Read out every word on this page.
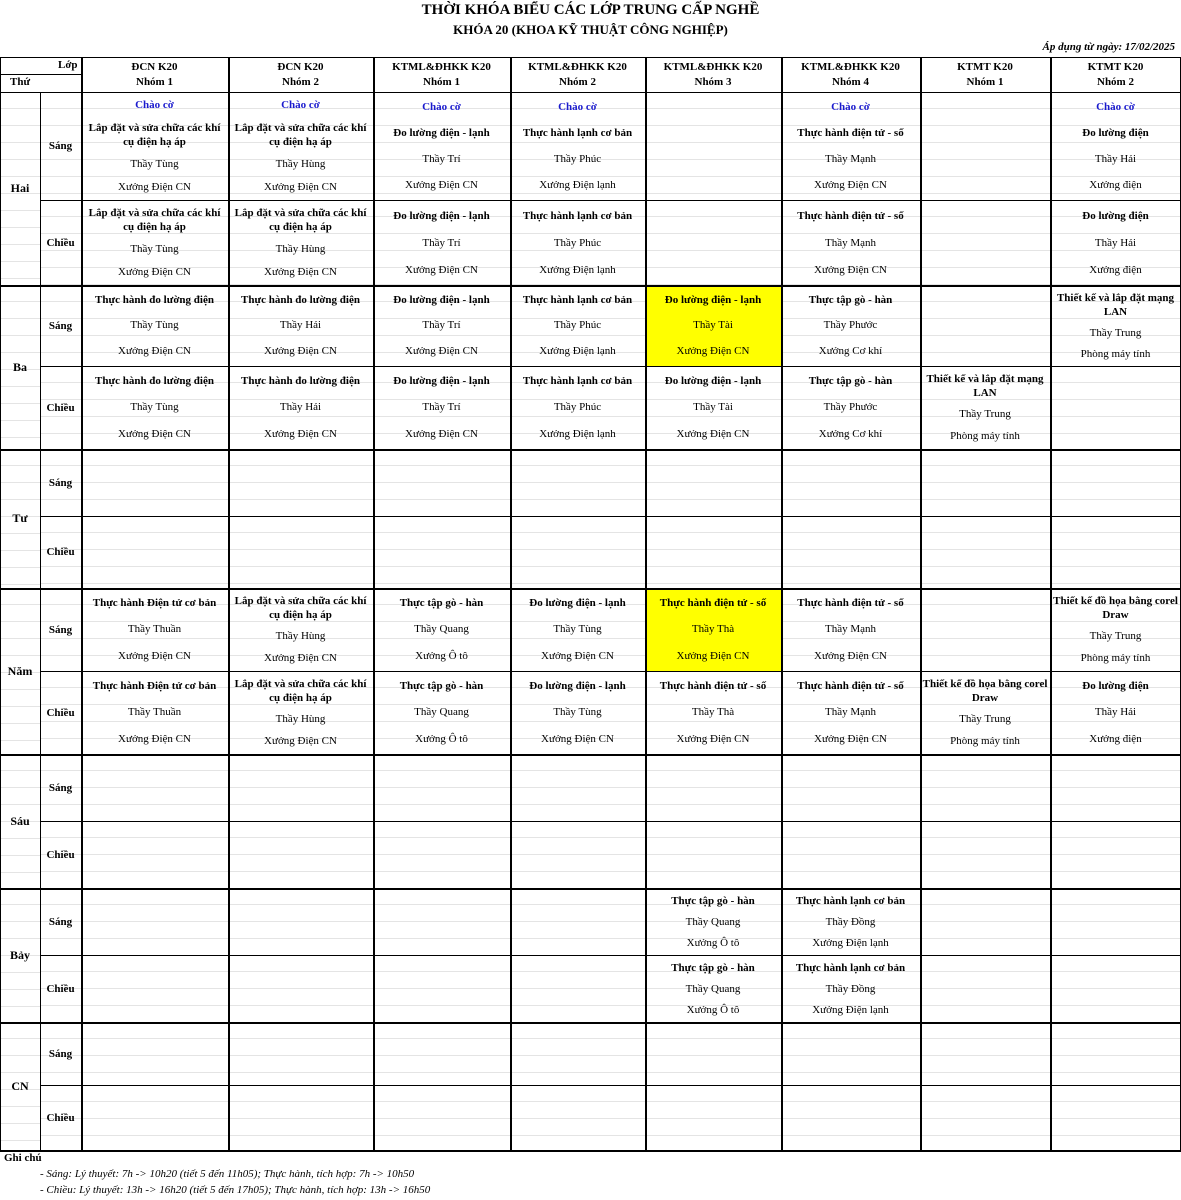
THỜI KHÓA BIỂU CÁC LỚP TRUNG CẤP NGHỀ
KHÓA 20 (KHOA KỸ THUẬT CÔNG NGHIỆP)
Áp dụng từ ngày: 17/02/2025
Lớp
Thứ
ĐCN K20
Nhóm 1
ĐCN K20
Nhóm 2
KTML&ĐHKK K20
Nhóm 1
KTML&ĐHKK K20
Nhóm 2
KTML&ĐHKK K20
Nhóm 3
KTML&ĐHKK K20
Nhóm 4
KTMT K20
Nhóm 1
KTMT K20
Nhóm 2
Hai
Sáng
Chào cờ
Lắp đặt và sửa chữa các khí cụ điện hạ áp
Thầy Tùng
Xưởng Điện CN
Chào cờ
Lắp đặt và sửa chữa các khí cụ điện hạ áp
Thầy Hùng
Xưởng Điện CN
Chào cờ
Đo lường điện - lạnh
Thầy Trí
Xưởng Điện CN
Chào cờ
Thực hành lạnh cơ bản
Thầy Phúc
Xưởng Điện lạnh
Chào cờ
Thực hành điện tử - số
Thầy Mạnh
Xưởng Điện CN
Chào cờ
Đo lường điện
Thầy Hải
Xưởng điện
Chiều
Lắp đặt và sửa chữa các khí cụ điện hạ áp
Thầy Tùng
Xưởng Điện CN
Lắp đặt và sửa chữa các khí cụ điện hạ áp
Thầy Hùng
Xưởng Điện CN
Đo lường điện - lạnh
Thầy Trí
Xưởng Điện CN
Thực hành lạnh cơ bản
Thầy Phúc
Xưởng Điện lạnh
Thực hành điện tử - số
Thầy Mạnh
Xưởng Điện CN
Đo lường điện
Thầy Hải
Xưởng điện
Ba
Sáng
Thực hành đo lường điện
Thầy Tùng
Xưởng Điện CN
Thực hành đo lường điện
Thầy Hải
Xưởng Điện CN
Đo lường điện - lạnh
Thầy Trí
Xưởng Điện CN
Thực hành lạnh cơ bản
Thầy Phúc
Xưởng Điện lạnh
Đo lường điện - lạnh
Thầy Tài
Xưởng Điện CN
Thực tập gò - hàn
Thầy Phước
Xưởng Cơ khí
Thiết kế và lắp đặt mạng LAN
Thầy Trung
Phòng máy tính
Chiều
Thực hành đo lường điện
Thầy Tùng
Xưởng Điện CN
Thực hành đo lường điện
Thầy Hải
Xưởng Điện CN
Đo lường điện - lạnh
Thầy Trí
Xưởng Điện CN
Thực hành lạnh cơ bản
Thầy Phúc
Xưởng Điện lạnh
Đo lường điện - lạnh
Thầy Tài
Xưởng Điện CN
Thực tập gò - hàn
Thầy Phước
Xưởng Cơ khí
Thiết kế và lắp đặt mạng LAN
Thầy Trung
Phòng máy tính
Tư
Sáng
Chiều
Năm
Sáng
Thực hành Điện tử cơ bản
Thầy Thuần
Xưởng Điện CN
Lắp đặt và sửa chữa các khí cụ điện hạ áp
Thầy Hùng
Xưởng Điện CN
Thực tập gò - hàn
Thầy Quang
Xưởng Ô tô
Đo lường điện - lạnh
Thầy Tùng
Xưởng Điện CN
Thực hành điện tử - số
Thầy Thà
Xưởng Điện CN
Thực hành điện tử - số
Thầy Mạnh
Xưởng Điện CN
Thiết kế đồ họa bằng corel Draw
Thầy Trung
Phòng máy tính
Chiều
Thực hành Điện tử cơ bản
Thầy Thuần
Xưởng Điện CN
Lắp đặt và sửa chữa các khí cụ điện hạ áp
Thầy Hùng
Xưởng Điện CN
Thực tập gò - hàn
Thầy Quang
Xưởng Ô tô
Đo lường điện - lạnh
Thầy Tùng
Xưởng Điện CN
Thực hành điện tử - số
Thầy Thà
Xưởng Điện CN
Thực hành điện tử - số
Thầy Mạnh
Xưởng Điện CN
Thiết kế đồ họa bằng corel Draw
Thầy Trung
Phòng máy tính
Đo lường điện
Thầy Hải
Xưởng điện
Sáu
Sáng
Chiều
Bảy
Sáng
Thực tập gò - hàn
Thầy Quang
Xưởng Ô tô
Thực hành lạnh cơ bản
Thầy Đồng
Xưởng Điện lạnh
Chiều
Thực tập gò - hàn
Thầy Quang
Xưởng Ô tô
Thực hành lạnh cơ bản
Thầy Đồng
Xưởng Điện lạnh
CN
Sáng
Chiều
Ghi chú
- Sáng: Lý thuyết: 7h -> 10h20 (tiết 5 đến 11h05); Thực hành, tích hợp: 7h -> 10h50
- Chiều: Lý thuyết: 13h -> 16h20 (tiết 5 đến 17h05); Thực hành, tích hợp: 13h -> 16h50
